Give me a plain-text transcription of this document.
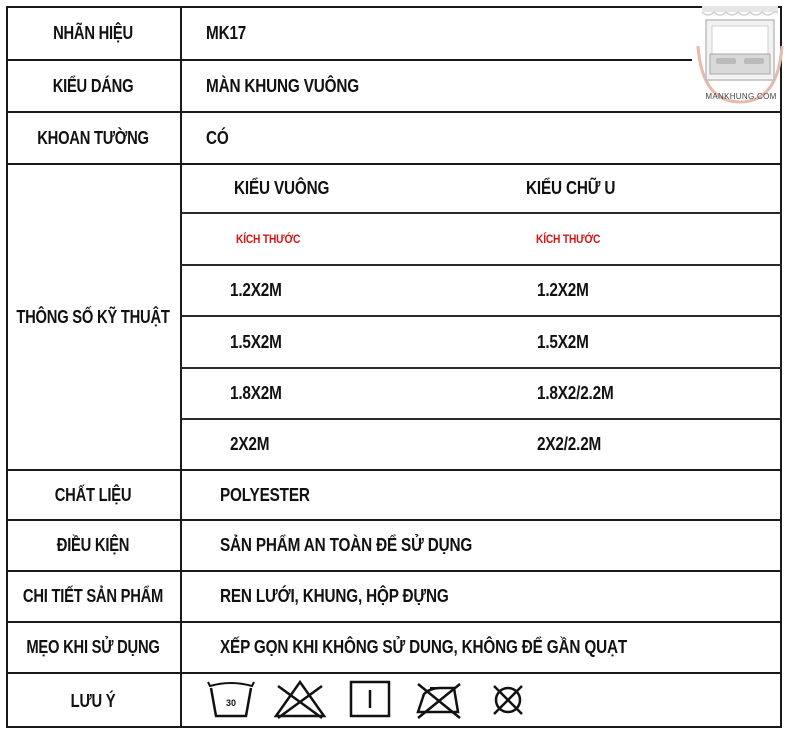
NHÃN HIỆU	MK17
KIỂU DÁNG	MÀN KHUNG VUÔNG
KHOAN TƯỜNG	CÓ
THÔNG SỐ KỸ THUẬT
KIỂU VUÔNG	KIỂU CHỮ U
KÍCH THƯỚC	KÍCH THƯỚC
1.2X2M	1.2X2M
1.5X2M	1.5X2M
1.8X2M	1.8X2/2.2M
2X2M	2X2/2.2M
CHẤT LIỆU	POLYESTER
ĐIỀU KIỆN	SẢN PHẨM AN TOÀN ĐỂ SỬ DỤNG
CHI TIẾT SẢN PHẨM	REN LƯỚI, KHUNG, HỘP ĐỰNG
MẸO KHI SỬ DỤNG	XẾP GỌN KHI KHÔNG SỬ DUNG, KHÔNG ĐỂ GẦN QUẠT
LƯU Ý	30
MANKHUNG.COM
